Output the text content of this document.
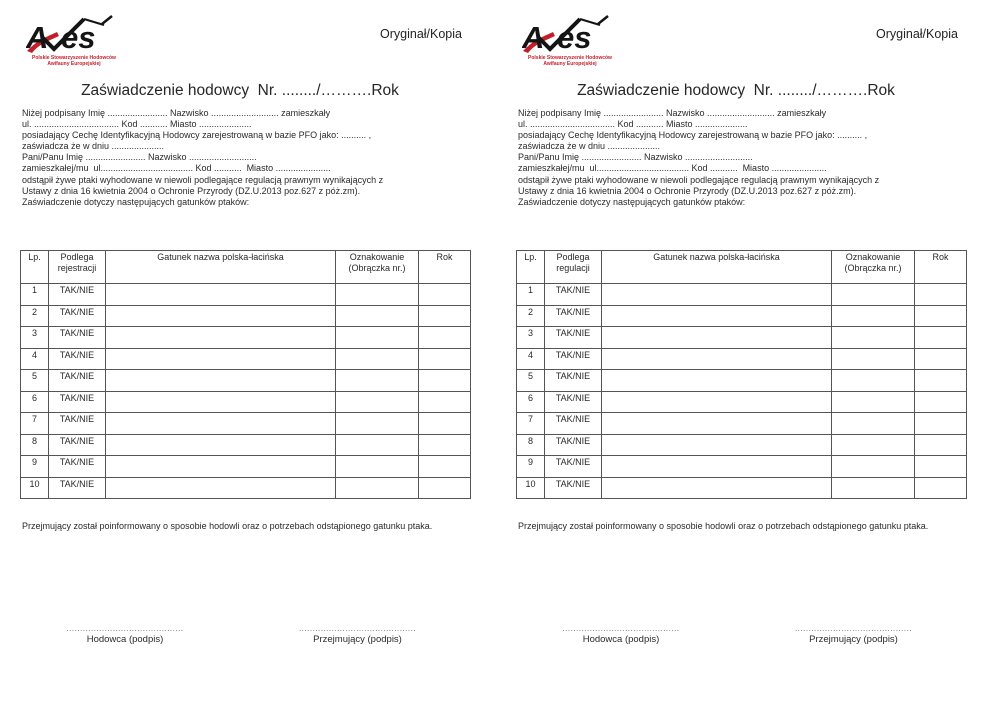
A es
Polskie Stowarzyszenie Hodowców
Awifauny Europejskiej
Oryginał/Kopia
Zaświadczenie hodowcy  Nr. ......../……….Rok
Niżej podpisany Imię ........................ Nazwisko ........................... zamieszkały
ul. .................................. Kod ........... Miasto .....................
posiadający Cechę Identyfikacyjną Hodowcy zarejestrowaną w bazie PFO jako: .......... ,
zaświadcza że w dniu .....................
Pani/Panu Imię ........................ Nazwisko ...........................
zamieszkałej/mu  ul..................................... Kod ...........  Miasto ......................
odstąpił żywe ptaki wyhodowane w niewoli podlegające regulacją prawnym wynikających z
Ustawy z dnia 16 kwietnia 2004 o Ochronie Przyrody (DZ.U.2013 poz.627 z póż.zm).
Zaświadczenie dotyczy następujących gatunków ptaków:
Lp.	Podlega
rejestracji
	Gatunek nazwa polska-łacińska	Oznakowanie
(Obrączka nr.)
	Rok
1	TAK/NIE			
2	TAK/NIE			
3	TAK/NIE			
4	TAK/NIE			
5	TAK/NIE			
6	TAK/NIE			
7	TAK/NIE			
8	TAK/NIE			
9	TAK/NIE			
10	TAK/NIE			
Przejmujący został poinformowany o sposobie hodowli oraz o potrzebach odstąpionego gatunku ptaka.
...........................................
Hodowca (podpis)
...........................................
Przejmujący (podpis)
A es
Polskie Stowarzyszenie Hodowców
Awifauny Europejskiej
Oryginał/Kopia
Zaświadczenie hodowcy  Nr. ......../……….Rok
Niżej podpisany Imię ........................ Nazwisko ........................... zamieszkały
ul. .................................. Kod ........... Miasto .....................
posiadający Cechę Identyfikacyjną Hodowcy zarejestrowaną w bazie PFO jako: .......... ,
zaświadcza że w dniu .....................
Pani/Panu Imię ........................ Nazwisko ...........................
zamieszkałej/mu  ul..................................... Kod ...........  Miasto ......................
odstąpił żywe ptaki wyhodowane w niewoli podlegające regulacją prawnym wynikających z
Ustawy z dnia 16 kwietnia 2004 o Ochronie Przyrody (DZ.U.2013 poz.627 z póż.zm).
Zaświadczenie dotyczy następujących gatunków ptaków:
Lp.	Podlega
regulacji
	Gatunek nazwa polska-łacińska	Oznakowanie
(Obrączka nr.)
	Rok
1	TAK/NIE			
2	TAK/NIE			
3	TAK/NIE			
4	TAK/NIE			
5	TAK/NIE			
6	TAK/NIE			
7	TAK/NIE			
8	TAK/NIE			
9	TAK/NIE			
10	TAK/NIE			
Przejmujący został poinformowany o sposobie hodowli oraz o potrzebach odstąpionego gatunku ptaka.
...........................................
Hodowca (podpis)
...........................................
Przejmujący (podpis)
